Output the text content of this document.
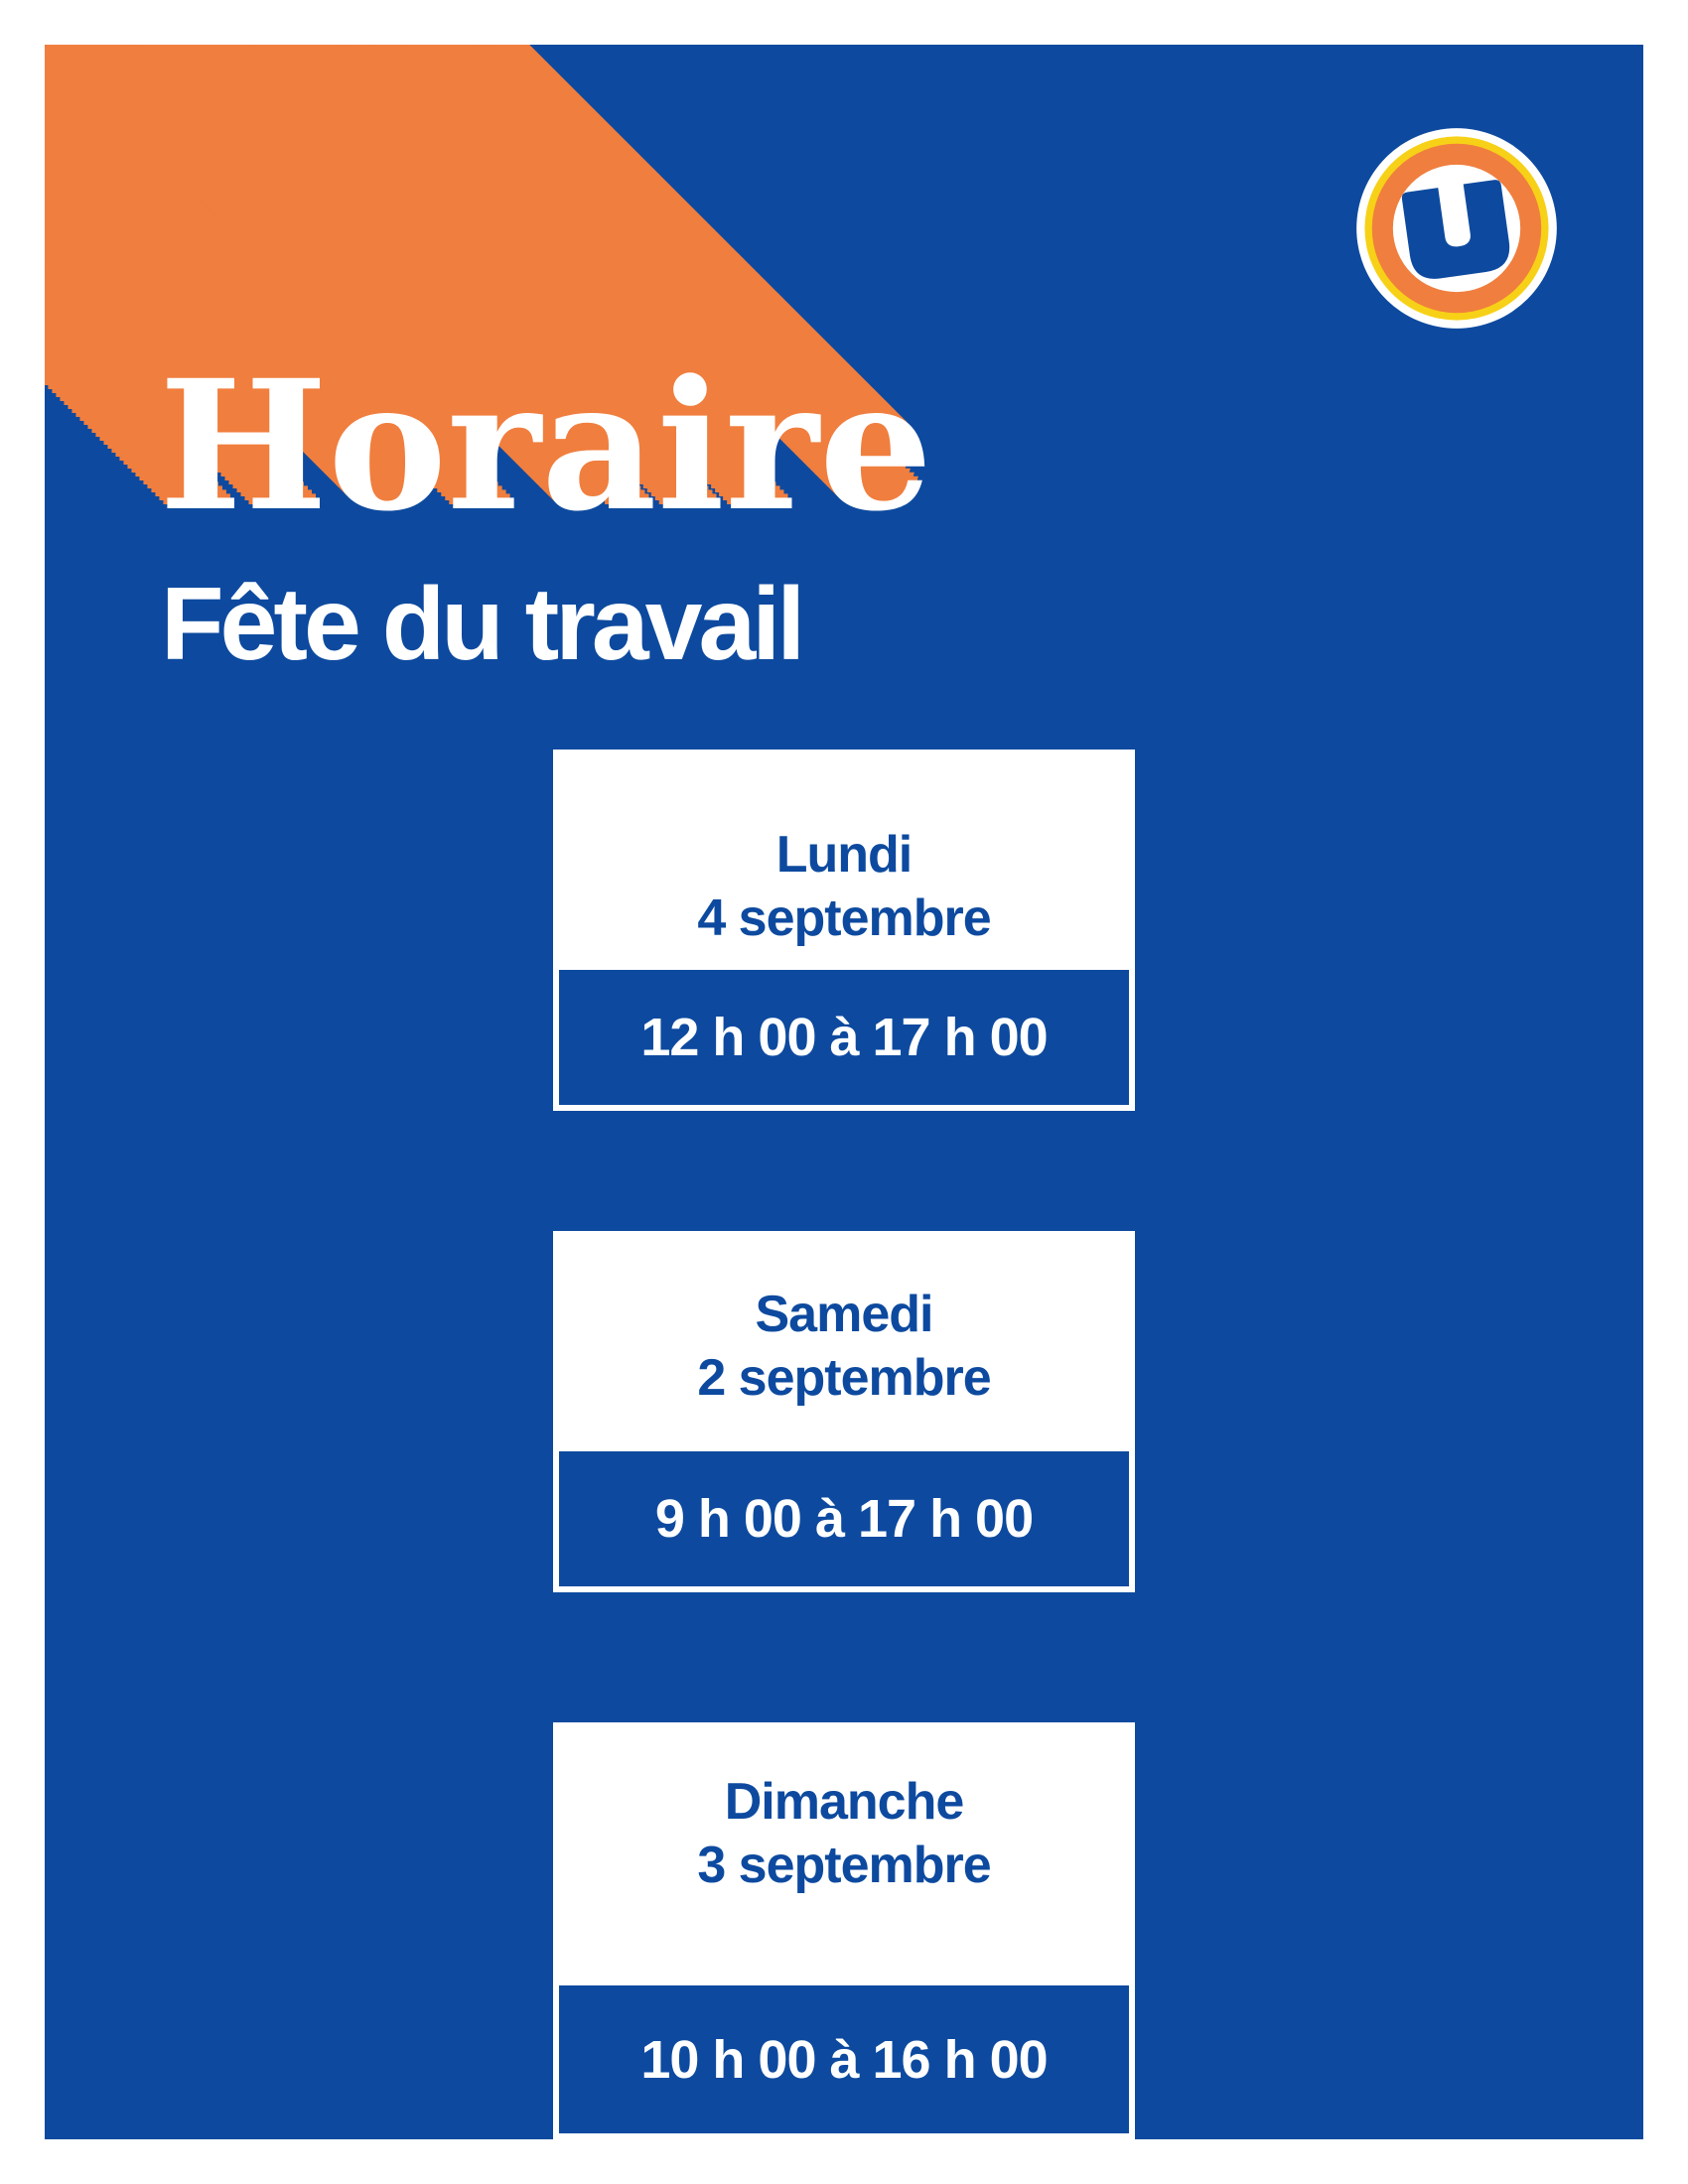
Horaire
Fête du travail
Lundi
4 septembre
12 h 00 à 17 h 00
Samedi
2 septembre
9 h 00 à 17 h 00
Dimanche
3 septembre
10 h 00 à 16 h 00
